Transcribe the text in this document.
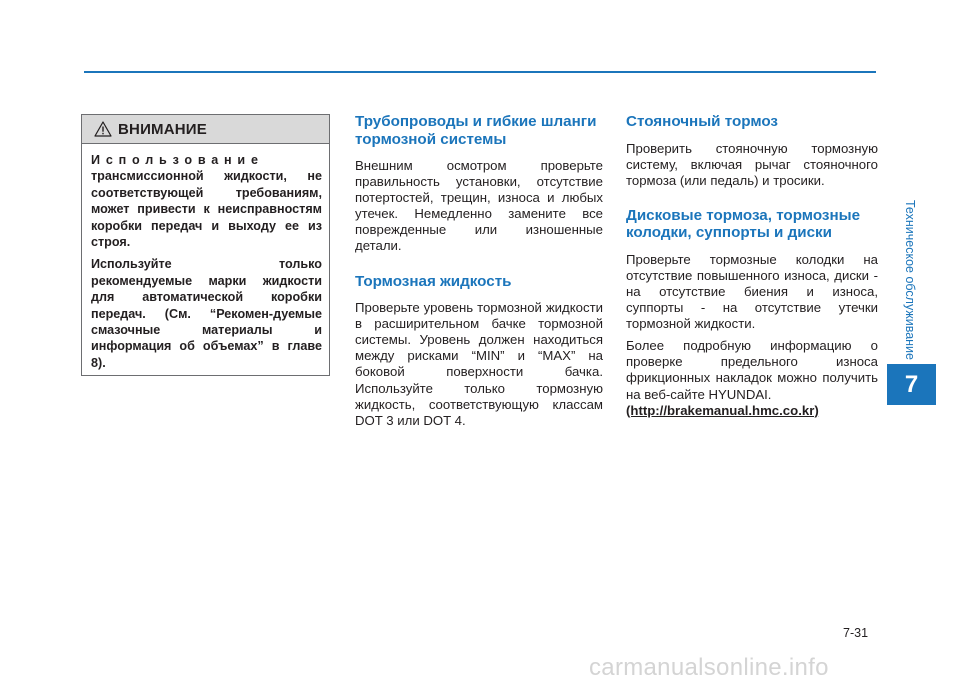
Техническое обслуживание
7
ВНИМАНИЕ

Использование

трансмиссионной жидкости, не соответствующей требованиям, может привести к неисправностям коробки передач и выходу ее из строя.

Используйте только рекомендуемые марки жидкости для автоматической коробки передач. (См. “Рекомен-дуемые смазочные материалы и информация об объемах” в главе 8).

Трубопроводы и гибкие шланги тормозной системы

Внешним осмотром проверьте правильность установки, отсутствие потертостей, трещин, износа и любых утечек. Немедленно замените все поврежденные или изношенные детали.

Тормозная жидкость

Проверьте уровень тормозной жидкости в расширительном бачке тормозной системы. Уровень должен находиться между рисками “MIN” и “MAX” на боковой поверхности бачка. Используйте только тормозную жидкость, соответствующую классам DOT 3 или DOT 4.

Стояночный тормоз

Проверить стояночную тормозную систему, включая рычаг стояночного тормоза (или педаль) и тросики.

Дисковые тормоза, тормозные колодки, суппорты и диски

Проверьте тормозные колодки на отсутствие повышенного износа, диски - на отсутствие биения и износа, суппорты - на отсутствие утечки тормозной жидкости.

Более подробную информацию о проверке предельного износа фрикционных накладок можно получить на веб-сайте HYUNDAI.

(http://brakemanual.hmc.co.kr)

7-31
carmanualsonline.info
